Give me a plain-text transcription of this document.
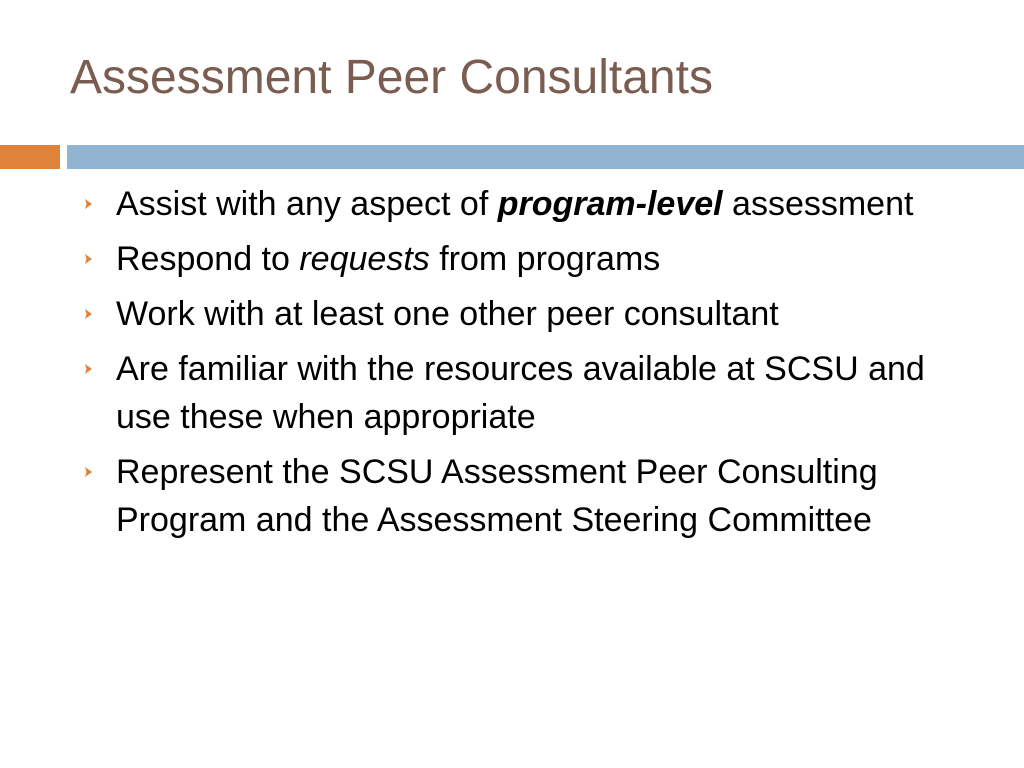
Assessment Peer Consultants
Assist with any aspect of program-level assessment
Respond to requests from programs
Work with at least one other peer consultant
Are familiar with the resources available at SCSU and use these when appropriate
Represent the SCSU Assessment Peer Consulting Program and the Assessment Steering Committee
